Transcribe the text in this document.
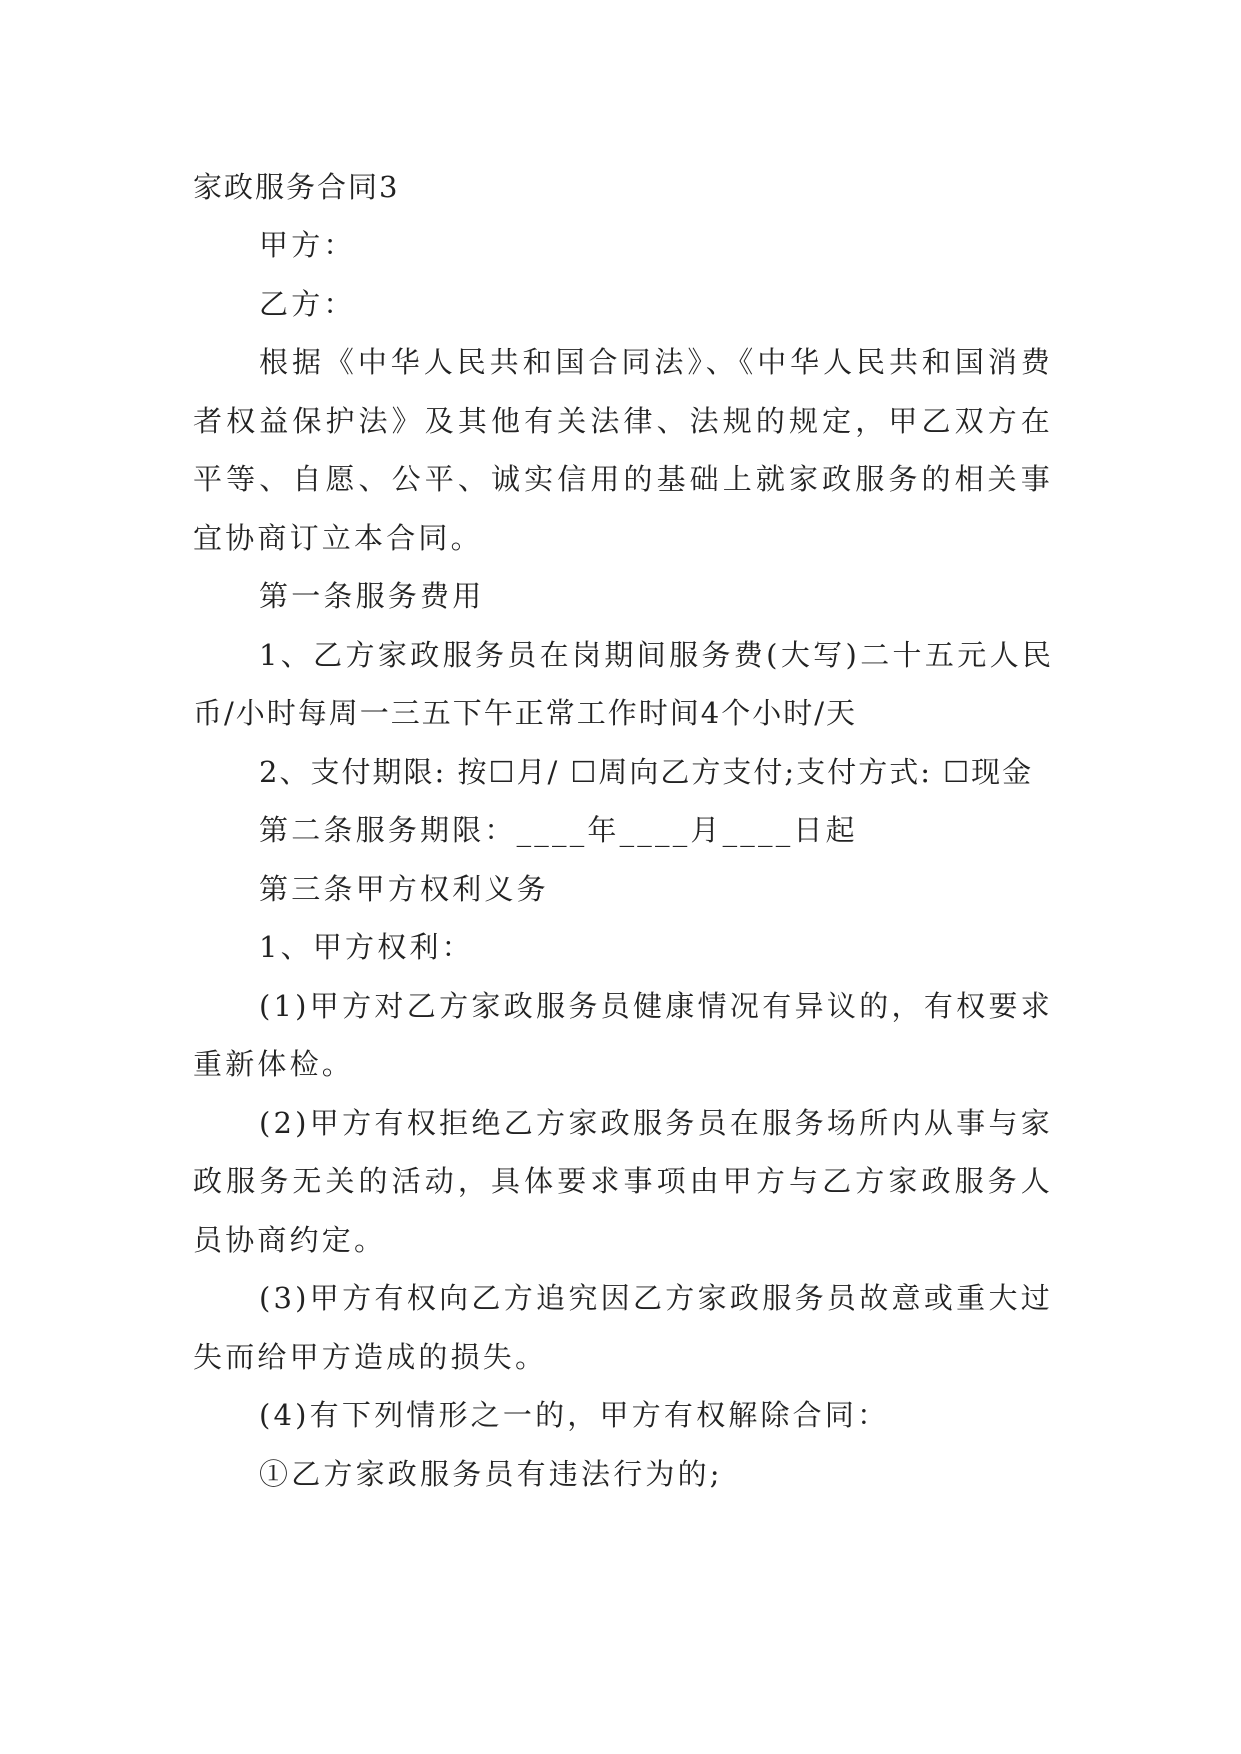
家政服务合同3

甲方：

乙方：

根据《中华人民共和国合同法》、《中华人民共和国消费者权益保护法》及其他有关法律、法规的规定，甲乙双方在平等、自愿、公平、诚实信用的基础上就家政服务的相关事宜协商订立本合同。

第一条服务费用

1、乙方家政服务员在岗期间服务费(大写)二十五元人民币/小时每周一三五下午正常工作时间4个小时/天

2、支付期限: 按☐月/ ☐周向乙方支付;支付方式: ☐现金

第二条服务期限：____年____月____日起

第三条甲方权利义务

1、甲方权利：

(1)甲方对乙方家政服务员健康情况有异议的，有权要求重新体检。

(2)甲方有权拒绝乙方家政服务员在服务场所内从事与家政服务无关的活动，具体要求事项由甲方与乙方家政服务人员协商约定。

(3)甲方有权向乙方追究因乙方家政服务员故意或重大过失而给甲方造成的损失。

(4)有下列情形之一的，甲方有权解除合同：

①乙方家政服务员有违法行为的;
